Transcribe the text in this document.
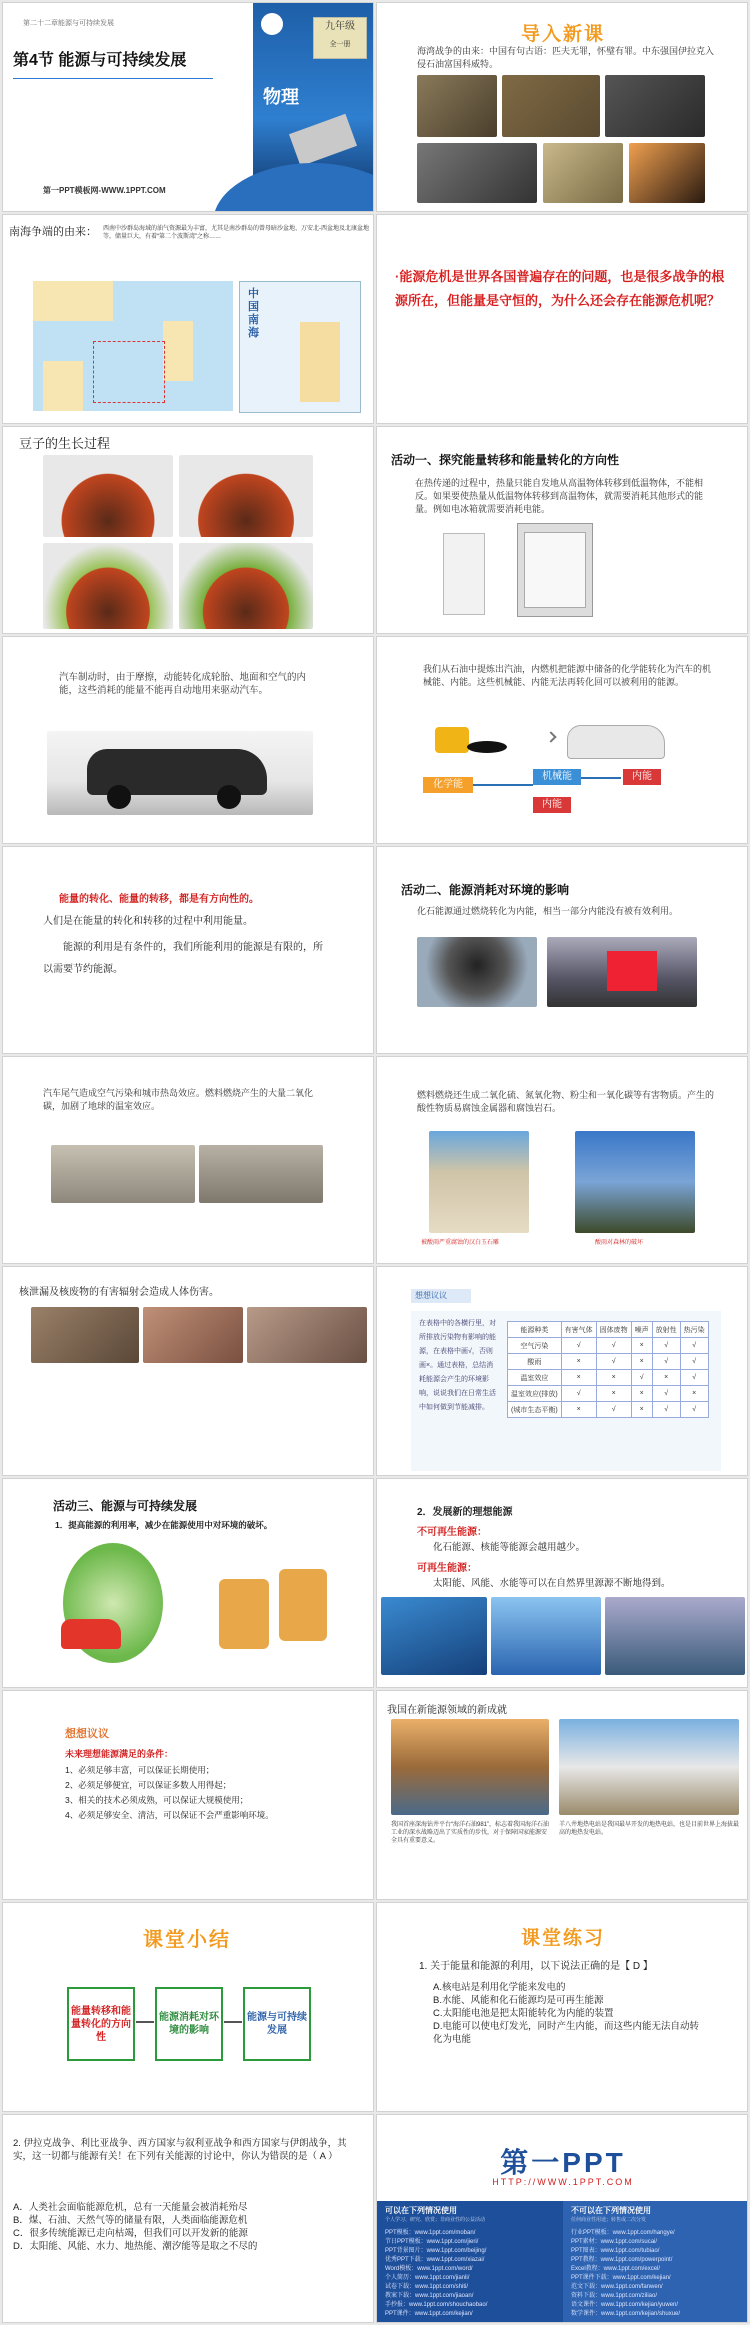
第二十二章能源与可持续发展
第4节 能源与可持续发展
第一PPT模板网-WWW.1PPT.COM
九年级
全一册
物理
导入新课
海湾战争的由来：中国有句古语：匹夫无罪，怀璧有罪。中东强国伊拉克入侵石油富国科威特。
南海争端的由来： 西南中沙群岛海域的油气资源最为丰富，尤其是南沙群岛的曾母暗沙盆地、万安北-西盆地及北康盆地等，储量巨大，有着“第二个波斯湾”之称……
中国南海
·能源危机是世界各国普遍存在的问题，也是很多战争的根源所在，但能量是守恒的，为什么还会存在能源危机呢？
豆子的生长过程
活动一、探究能量转移和能量转化的方向性
在热传递的过程中，热量只能自发地从高温物体转移到低温物体，不能相反。如果要使热量从低温物体转移到高温物体，就需要消耗其他形式的能量。例如电冰箱就需要消耗电能。
汽车制动时，由于摩擦，动能转化成轮胎、地面和空气的内能，这些消耗的能量不能再自动地用来驱动汽车。
我们从石油中提炼出汽油，内燃机把能源中储备的化学能转化为汽车的机械能、内能。这些机械能、内能无法再转化回可以被利用的能源。
化学能
机械能	内能
内能
能量的转化、能量的转移，都是有方向性的。
人们是在能量的转化和转移的过程中利用能量。
能源的利用是有条件的，我们所能利用的能源是有限的，所以需要节约能源。
活动二、能源消耗对环境的影响
化石能源通过燃烧转化为内能，相当一部分内能没有被有效利用。
汽车尾气造成空气污染和城市热岛效应。燃料燃烧产生的大量二氧化碳，加剧了地球的温室效应。
燃料燃烧还生成二氧化硫、氮氧化物、粉尘和一氧化碳等有害物质。产生的酸性物质易腐蚀金属器和腐蚀岩石。
被酸雨严重腐蚀的汉白玉石雕	酸雨对森林的破坏
核泄漏及核废物的有害辐射会造成人体伤害。	想想议议
在表格中的各横行里，对所排放污染物有影响的能源，在表格中画√，否则画×。通过表格，总结消耗能源会产生的环境影响，说说我们在日常生活中如何做到节能减排。
能源种类	有害气体	固体废物	噪声	放射性	热污染
空气污染	√	√	×	√	√
酸雨	×	√	×	√	√
温室效应	×	×	√	×	√
温室效应(排放)	√	×	×	√	×
(城市生态平衡)	×	√	×	√	√
活动三、能源与可持续发展
1．提高能源的利用率，减少在能源使用中对环境的破坏。
2．发展新的理想能源
不可再生能源：
化石能源、核能等能源会越用越少。
可再生能源：
太阳能、风能、水能等可以在自然界里源源不断地得到。
想想议议
未来理想能源满足的条件：
1、必须足够丰富，可以保证长期使用；
2、必须足够便宜，可以保证多数人用得起；
3、相关的技术必须成熟，可以保证大规模使用；
4、必须足够安全、清洁，可以保证不会严重影响环境。
我国在新能源领域的新成就
我国首座深海钻井平台“海洋石油981”，标志着我国海洋石油工业的深水战略迈出了实质性的步伐，对于保障国家能源安全具有重要意义。
羊八井地热电站是我国最早开发的地热电站，也是目前世界上海拔最高的地热发电站。
课堂小结
能量转移和能量转化的方向性
能源消耗对环境的影响
能源与可持续发展
课堂练习
1. 关于能量和能源的利用，以下说法正确的是【 D 】
A.核电站是利用化学能来发电的
B.水能、风能和化石能源均是可再生能源
C.太阳能电池是把太阳能转化为内能的装置
D.电能可以使电灯发光，同时产生内能，而这些内能无法自动转化为电能
2. 伊拉克战争、利比亚战争、西方国家与叙利亚战争和西方国家与伊朗战争，其实，这一切都与能源有关！在下列有关能源的讨论中，你认为错误的是（ A ）
A．人类社会面临能源危机，总有一天能量会被消耗殆尽
B．煤、石油、天然气等的储量有限，人类面临能源危机
C．很多传统能源已走向枯竭，但我们可以开发新的能源
D．太阳能、风能、水力、地热能、潮汐能等是取之不尽的
第一PPT
HTTP://WWW.1PPT.COM
可以在下列情况使用
个人学习、研究、欣赏；非商业性的公益活动
PPT模板：www.1ppt.com/moban/
节日PPT模板：www.1ppt.com/jieri/
PPT背景图片：www.1ppt.com/beijing/
优秀PPT下载：www.1ppt.com/xiazai/
Word模板：www.1ppt.com/word/
个人简历：www.1ppt.com/jianli/
试卷下载：www.1ppt.com/shiti/
教案下载：www.1ppt.com/jiaoan/
手抄报：www.1ppt.com/shouchaobao/
PPT课件：www.1ppt.com/kejian/
不可以在下列情况使用
任何商业性用途；转售或二次分发
行业PPT模板：www.1ppt.com/hangye/
PPT素材：www.1ppt.com/sucai/
PPT图表：www.1ppt.com/tubiao/
PPT教程：www.1ppt.com/powerpoint/
Excel教程：www.1ppt.com/excel/
PPT课件下载：www.1ppt.com/kejian/
范文下载：www.1ppt.com/fanwen/
资料下载：www.1ppt.com/ziliao/
语文课件：www.1ppt.com/kejian/yuwen/
数学课件：www.1ppt.com/kejian/shuxue/
